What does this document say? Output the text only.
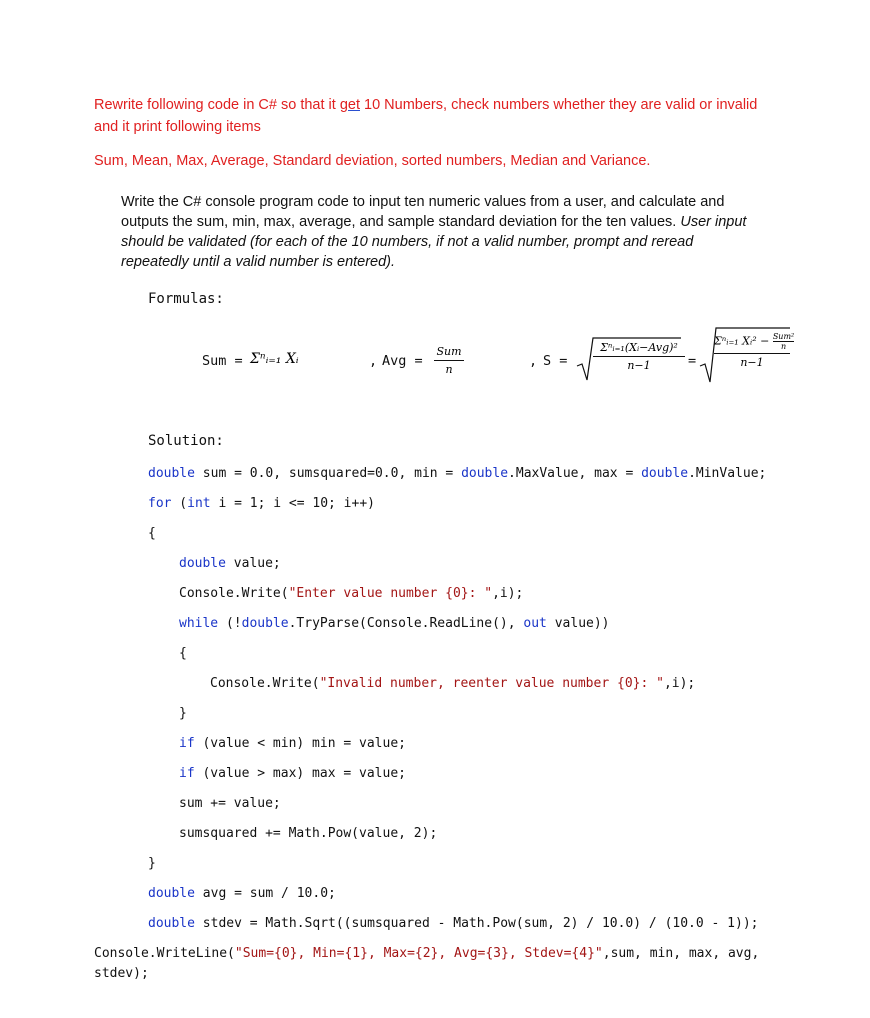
Rewrite following code in C# so that it get 10 Numbers, check numbers whether they are valid or invalid
and it print following items
Sum, Mean, Max, Average, Standard deviation, sorted numbers, Median and Variance.
Write the C# console program code to input ten numeric values from a user, and calculate and
outputs the sum, min, max, average, and sample standard deviation for the ten values. User input
should be validated (for each of the 10 numbers, if not a valid number, prompt and reread
repeatedly until a valid number is entered).
Formulas:
Sum = Σⁿᵢ₌₁ Xᵢ	, Avg =
Sum
n
, S =
Σⁿᵢ₌₁(Xᵢ−Avg)²
n−1	=
Σⁿᵢ₌₁ Xᵢ² − Sum²
n
n−1
Solution:
double sum = 0.0, sumsquared=0.0, min = double.MaxValue, max = double.MinValue;
for (int i = 1; i <= 10; i++)
{
double value;
Console.Write("Enter value number {0}: ",i);
while (!double.TryParse(Console.ReadLine(), out value))
{
Console.Write("Invalid number, reenter value number {0}: ",i);
}
if (value < min) min = value;
if (value > max) max = value;
sum += value;
sumsquared += Math.Pow(value, 2);
}
double avg = sum / 10.0;
double stdev = Math.Sqrt((sumsquared - Math.Pow(sum, 2) / 10.0) / (10.0 - 1));
Console.WriteLine("Sum={0}, Min={1}, Max={2}, Avg={3}, Stdev={4}",sum, min, max, avg,
stdev);
